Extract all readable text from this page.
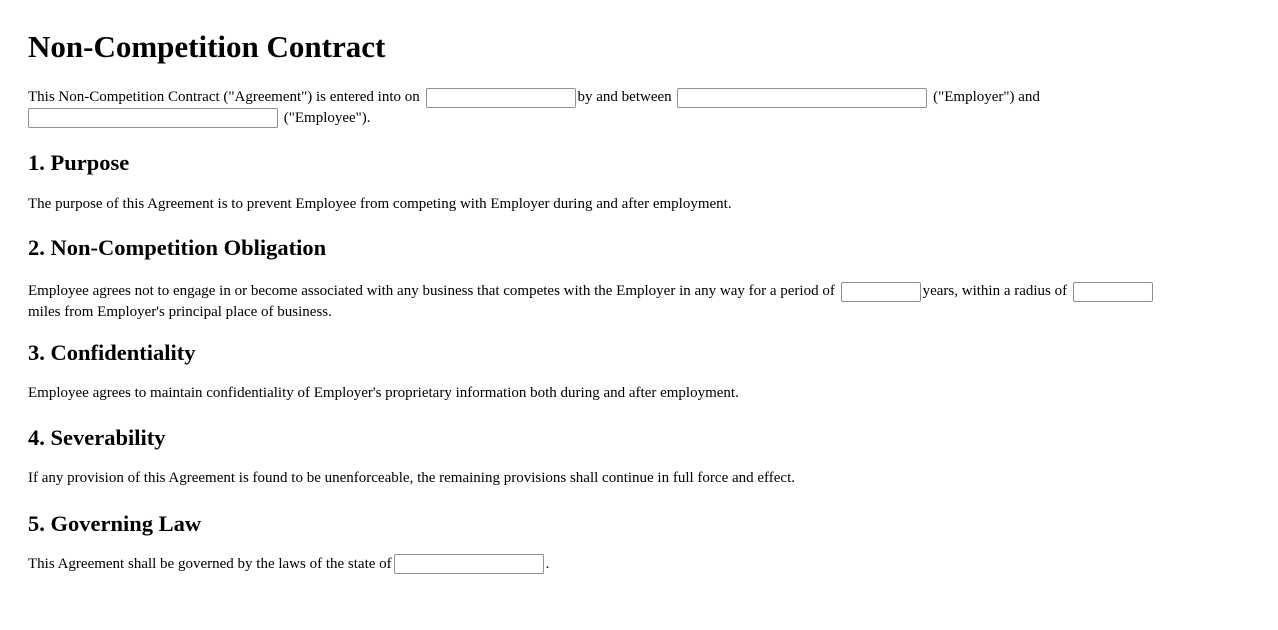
Non-Competition Contract

This Non-Competition Contract ("Agreement") is entered into on	by and between	("Employer") and
("Employee").

1. Purpose

The purpose of this Agreement is to prevent Employee from competing with Employer during and after employment.

2. Non-Competition Obligation

Employee agrees not to engage in or become associated with any business that competes with the Employer in any way for a period of	years, within a radius of
miles from Employer's principal place of business.

3. Confidentiality

Employee agrees to maintain confidentiality of Employer's proprietary information both during and after employment.

4. Severability

If any provision of this Agreement is found to be unenforceable, the remaining provisions shall continue in full force and effect.

5. Governing Law

This Agreement shall be governed by the laws of the state of	.
